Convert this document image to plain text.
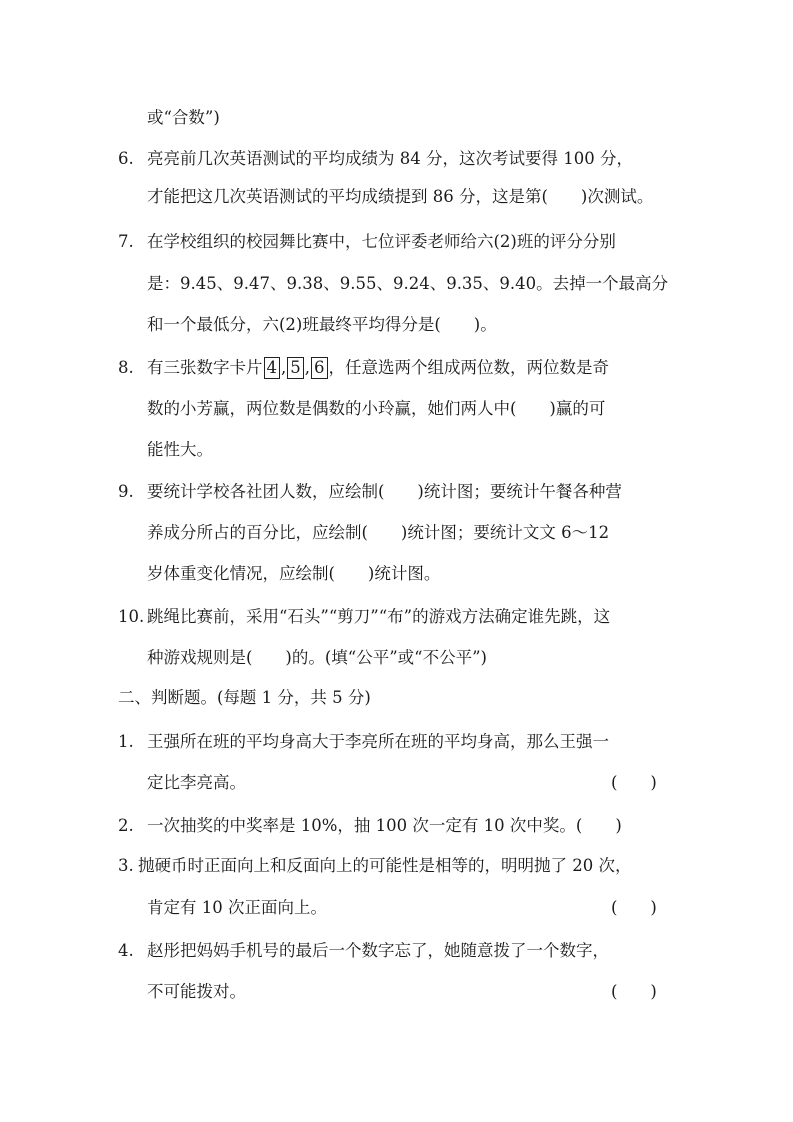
或“合数”)
6. 亮亮前几次英语测试的平均成绩为 84 分，这次考试要得 100 分，
才能把这几次英语测试的平均成绩提到 86 分，这是第(　　)次测试。
7. 在学校组织的校园舞比赛中，七位评委老师给六(2)班的评分分别
是：9.45、9.47、9.38、9.55、9.24、9.35、9.40。去掉一个最高分
和一个最低分，六(2)班最终平均得分是(　　)。
8. 有三张数字卡片 4 , 5 , 6 ，任意选两个组成两位数，两位数是奇
数的小芳赢，两位数是偶数的小玲赢，她们两人中(　　)赢的可
能性大。
9. 要统计学校各社团人数，应绘制(　　)统计图；要统计午餐各种营
养成分所占的百分比，应绘制(　　)统计图；要统计文文 6～12
岁体重变化情况，应绘制(　　)统计图。
10. 跳绳比赛前，采用“石头”“剪刀”“布”的游戏方法确定谁先跳，这
种游戏规则是(　　)的。(填“公平”或“不公平”)
二、判断题。(每题 1 分，共 5 分)
1. 王强所在班的平均身高大于李亮所在班的平均身高，那么王强一
定比李亮高。	(　　)
2. 一次抽奖的中奖率是 10%，抽 100 次一定有 10 次中奖。(　　)
3. 抛硬币时正面向上和反面向上的可能性是相等的，明明抛了 20 次，
肯定有 10 次正面向上。	(　　)
4. 赵彤把妈妈手机号的最后一个数字忘了，她随意拨了一个数字，
不可能拨对。	(　　)
